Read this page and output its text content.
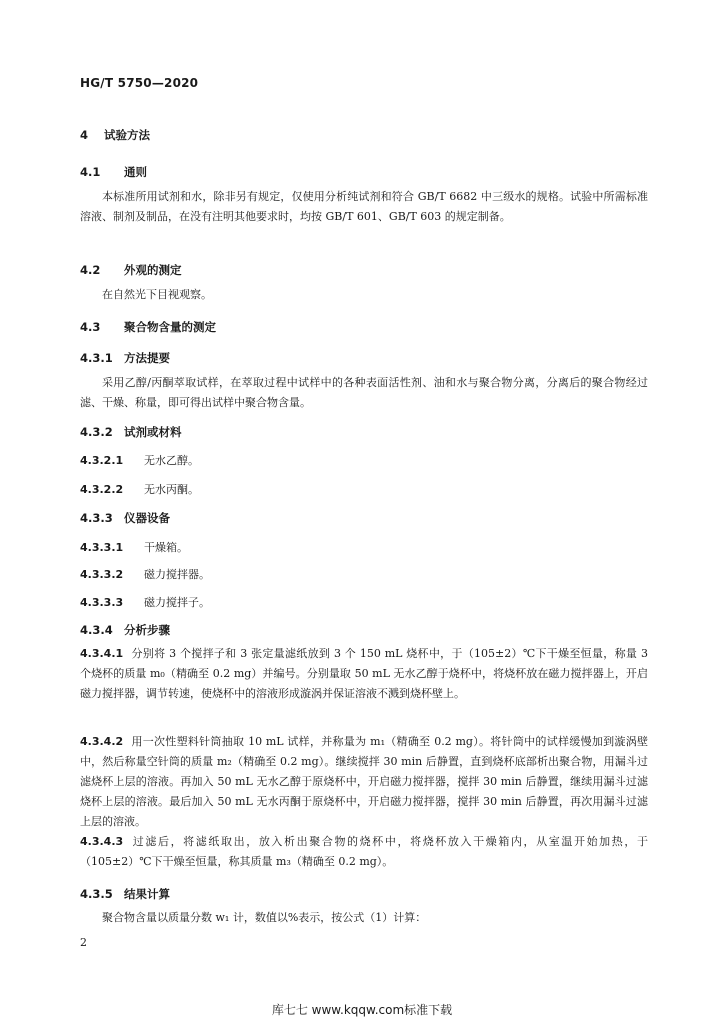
HG/T 5750—2020
4 试验方法
4.1 通则
本标准所用试剂和水，除非另有规定，仅使用分析纯试剂和符合 GB/T 6682 中三级水的规格。试验中所需标准溶液、制剂及制品，在没有注明其他要求时，均按 GB/T 601、GB/T 603 的规定制备。
4.2 外观的测定
在自然光下目视观察。
4.3 聚合物含量的测定
4.3.1 方法提要
采用乙醇/丙酮萃取试样，在萃取过程中试样中的各种表面活性剂、油和水与聚合物分离，分离后的聚合物经过滤、干燥、称量，即可得出试样中聚合物含量。
4.3.2 试剂或材料
4.3.2.1 无水乙醇。
4.3.2.2 无水丙酮。
4.3.3 仪器设备
4.3.3.1 干燥箱。
4.3.3.2 磁力搅拌器。
4.3.3.3 磁力搅拌子。
4.3.4 分析步骤
4.3.4.1 分别将 3 个搅拌子和 3 张定量滤纸放到 3 个 150 mL 烧杯中，于（105±2）℃下干燥至恒量，称量 3 个烧杯的质量 m₀（精确至 0.2 mg）并编号。分别量取 50 mL 无水乙醇于烧杯中，将烧杯放在磁力搅拌器上，开启磁力搅拌器，调节转速，使烧杯中的溶液形成漩涡并保证溶液不溅到烧杯壁上。
4.3.4.2 用一次性塑料针筒抽取 10 mL 试样，并称量为 m₁（精确至 0.2 mg）。将针筒中的试样缓慢加到漩涡壁中，然后称量空针筒的质量 m₂（精确至 0.2 mg）。继续搅拌 30 min 后静置，直到烧杯底部析出聚合物，用漏斗过滤烧杯上层的溶液。再加入 50 mL 无水乙醇于原烧杯中，开启磁力搅拌器，搅拌 30 min 后静置，继续用漏斗过滤烧杯上层的溶液。最后加入 50 mL 无水丙酮于原烧杯中，开启磁力搅拌器，搅拌 30 min 后静置，再次用漏斗过滤上层的溶液。
4.3.4.3 过滤后，将滤纸取出，放入析出聚合物的烧杯中，将烧杯放入干燥箱内，从室温开始加热，于（105±2）℃下干燥至恒量，称其质量 m₃（精确至 0.2 mg）。
4.3.5 结果计算
聚合物含量以质量分数 w₁ 计，数值以%表示，按公式（1）计算：
2
库七七 www.kqqw.com标准下载
